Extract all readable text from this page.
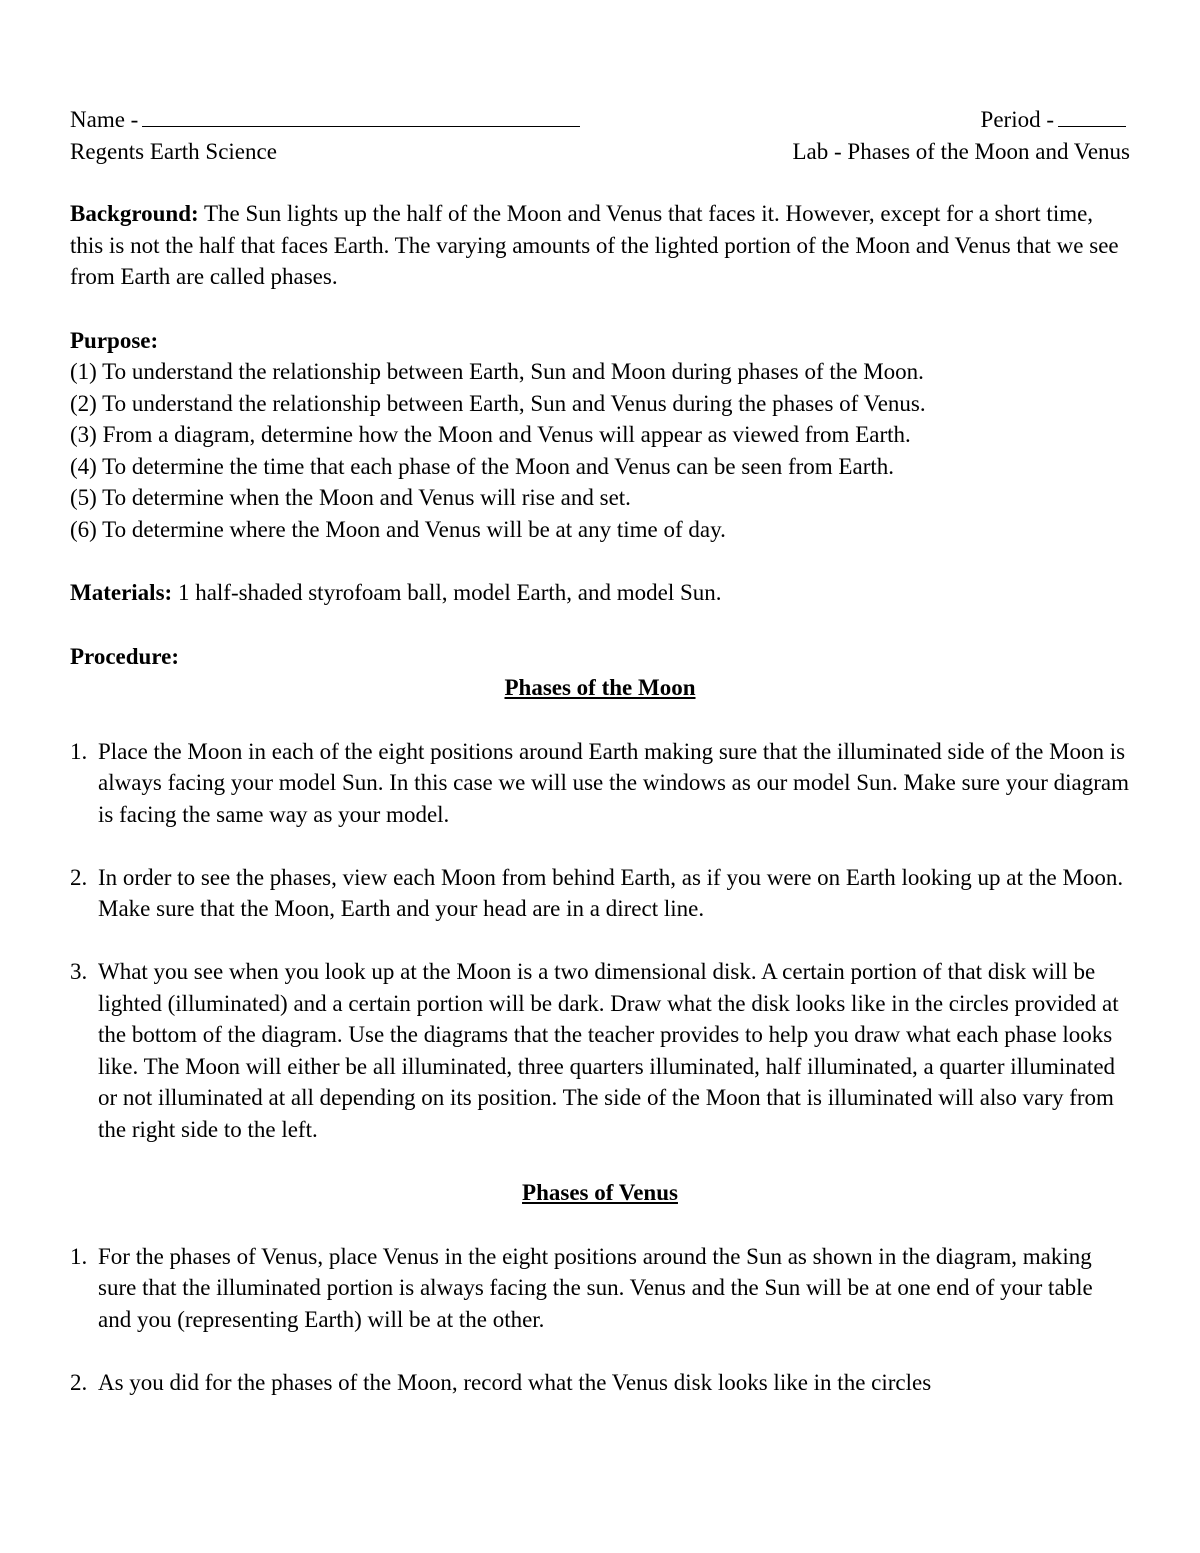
Name -	Period -
Regents Earth Science	Lab - Phases of the Moon and Venus

Background: The Sun lights up the half of the Moon and Venus that faces it. However, except for a short time, this is not the half that faces Earth. The varying amounts of the lighted portion of the Moon and Venus that we see from Earth are called phases.

Purpose:
(1) To understand the relationship between Earth, Sun and Moon during phases of the Moon.
(2) To understand the relationship between Earth, Sun and Venus during the phases of Venus.
(3) From a diagram, determine how the Moon and Venus will appear as viewed from Earth.
(4) To determine the time that each phase of the Moon and Venus can be seen from Earth.
(5) To determine when the Moon and Venus will rise and set.
(6) To determine where the Moon and Venus will be at any time of day.

Materials: 1 half-shaded styrofoam ball, model Earth, and model Sun.

Procedure:

Phases of the Moon

1. Place the Moon in each of the eight positions around Earth making sure that the illuminated side of the Moon is always facing your model Sun. In this case we will use the windows as our model Sun. Make sure your diagram is facing the same way as your model.
2. In order to see the phases, view each Moon from behind Earth, as if you were on Earth looking up at the Moon. Make sure that the Moon, Earth and your head are in a direct line.
3. What you see when you look up at the Moon is a two dimensional disk. A certain portion of that disk will be lighted (illuminated) and a certain portion will be dark. Draw what the disk looks like in the circles provided at the bottom of the diagram. Use the diagrams that the teacher provides to help you draw what each phase looks like. The Moon will either be all illuminated, three quarters illuminated, half illuminated, a quarter illuminated or not illuminated at all depending on its position. The side of the Moon that is illuminated will also vary from the right side to the left.

Phases of Venus

1. For the phases of Venus, place Venus in the eight positions around the Sun as shown in the diagram, making sure that the illuminated portion is always facing the sun. Venus and the Sun will be at one end of your table and you (representing Earth) will be at the other.
2. As you did for the phases of the Moon, record what the Venus disk looks like in the circles
